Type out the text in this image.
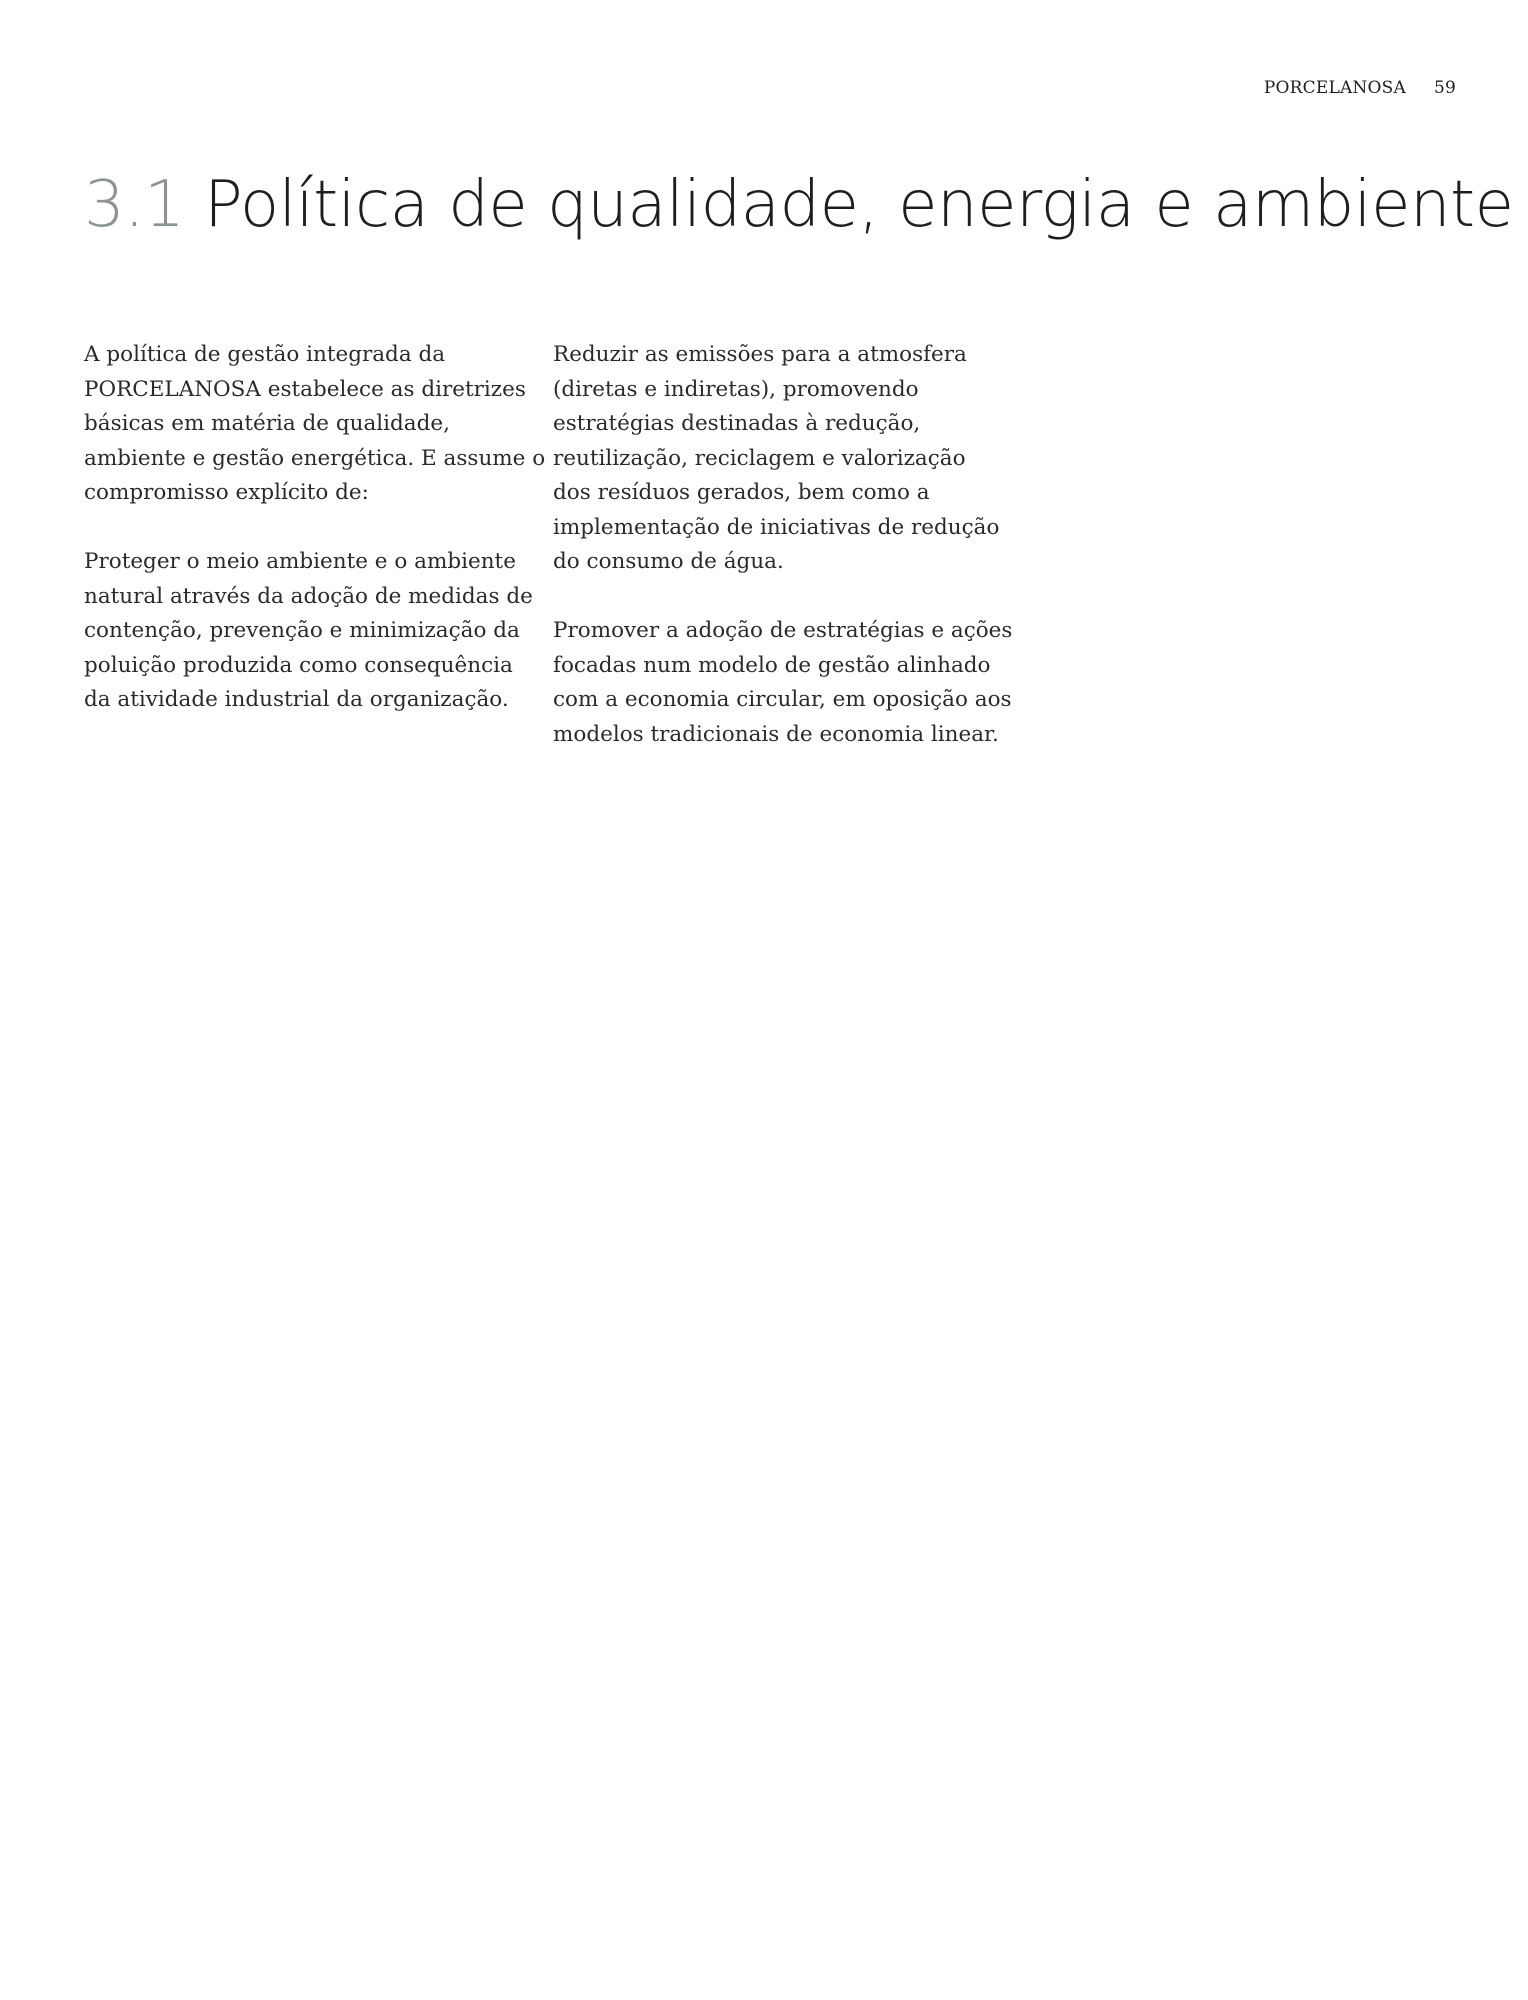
PORCELANOSA 59
3.1 Política de qualidade, energia e ambiente

A política de gestão integrada da
PORCELANOSA estabelece as diretrizes
básicas em matéria de qualidade,
ambiente e gestão energética. E assume o
compromisso explícito de:

Proteger o meio ambiente e o ambiente
natural através da adoção de medidas de
contenção, prevenção e minimização da
poluição produzida como consequência
da atividade industrial da organização.

Reduzir as emissões para a atmosfera
(diretas e indiretas), promovendo
estratégias destinadas à redução,
reutilização, reciclagem e valorização
dos resíduos gerados, bem como a
implementação de iniciativas de redução
do consumo de água.

Promover a adoção de estratégias e ações
focadas num modelo de gestão alinhado
com a economia circular, em oposição aos
modelos tradicionais de economia linear.
